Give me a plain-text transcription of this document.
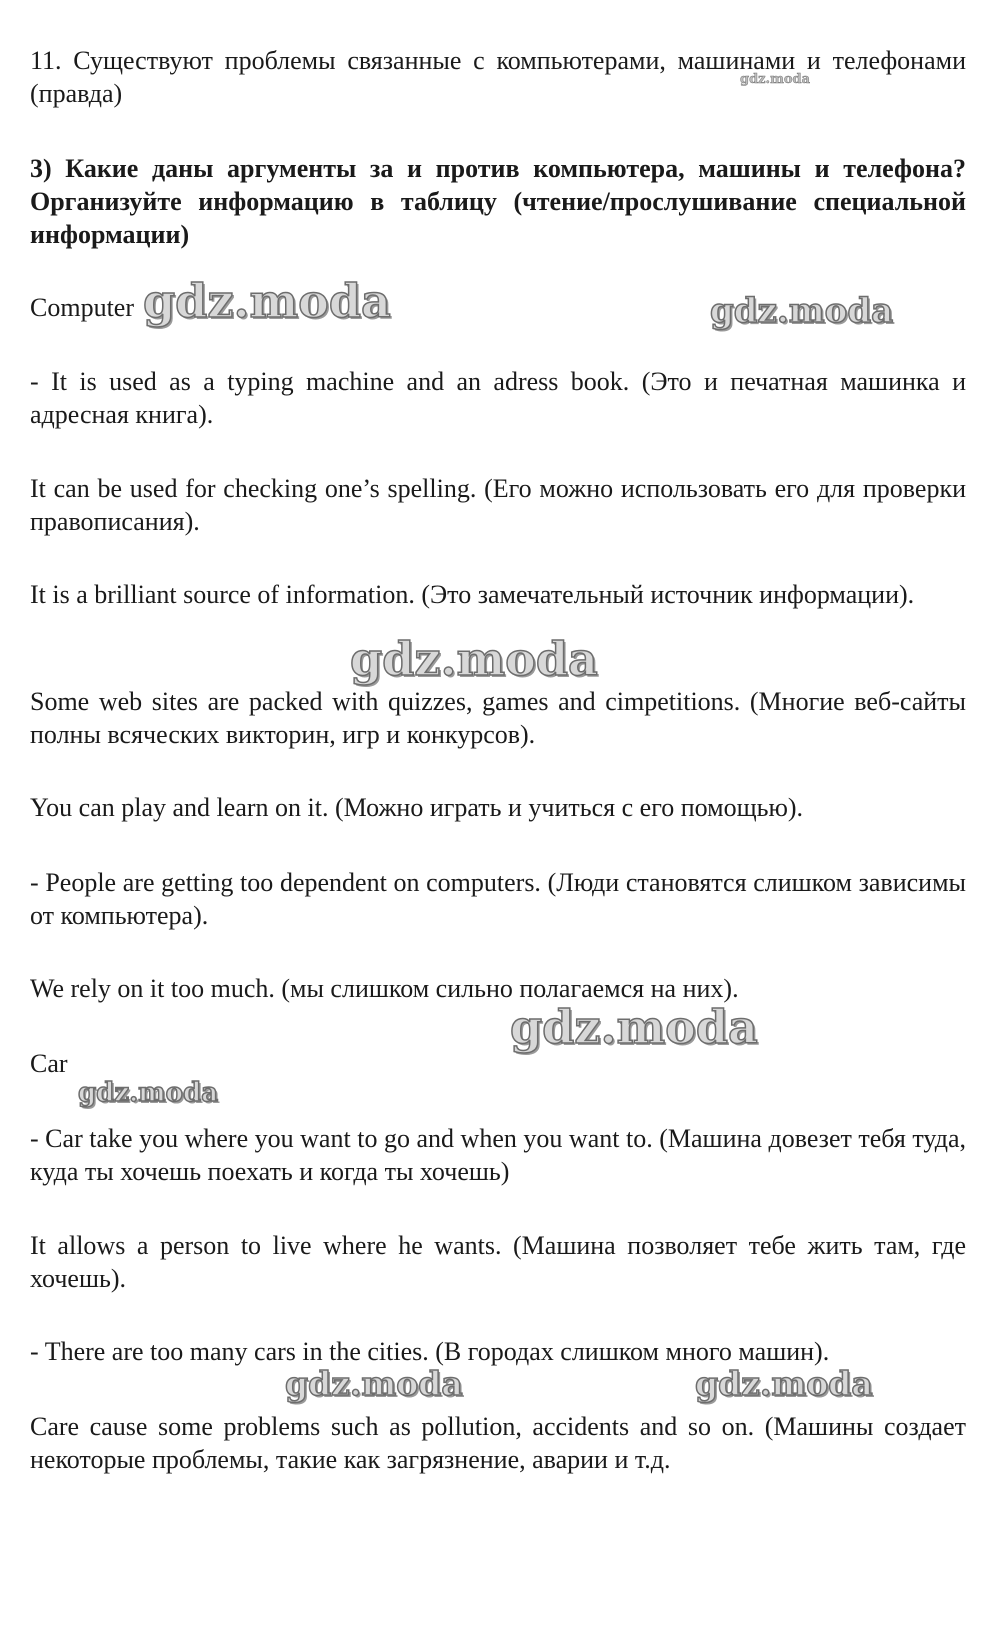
11. Существуют проблемы связанные с компьютерами, машинами и телефонами (правда)

3) Какие даны аргументы за и против компьютера, машины и телефона? Организуйте информацию в таблицу (чтение/прослушивание специальной информации)

Computer

- It is used as a typing machine and an adress book. (Это и печатная машинка и адресная книга).

It can be used for checking one’s spelling. (Его можно использовать его для проверки правописания).

It is a brilliant source of information. (Это замечательный источник информации).

Some web sites are packed with quizzes, games and cimpetitions. (Многие веб-сайты полны всяческих викторин, игр и конкурсов).

You can play and learn on it. (Можно играть и учиться с его помощью).

- People are getting too dependent on computers. (Люди становятся слишком зависимы от компьютера).

We rely on it too much. (мы слишком сильно полагаемся на них).

Car

- Car take you where you want to go and when you want to. (Машина довезет тебя туда, куда ты хочешь поехать и когда ты хочешь)

It allows a person to live where he wants. (Машина позволяет тебе жить там, где хочешь).

- There are too many cars in the cities. (В городах слишком много машин).

Care cause some problems such as pollution, accidents and so on. (Машины создает некоторые проблемы, такие как загрязнение, аварии и т.д.

gdz.moda
gdz.moda	gdz.moda
gdz.moda
gdz.moda
gdz.moda
gdz.moda	gdz.moda
